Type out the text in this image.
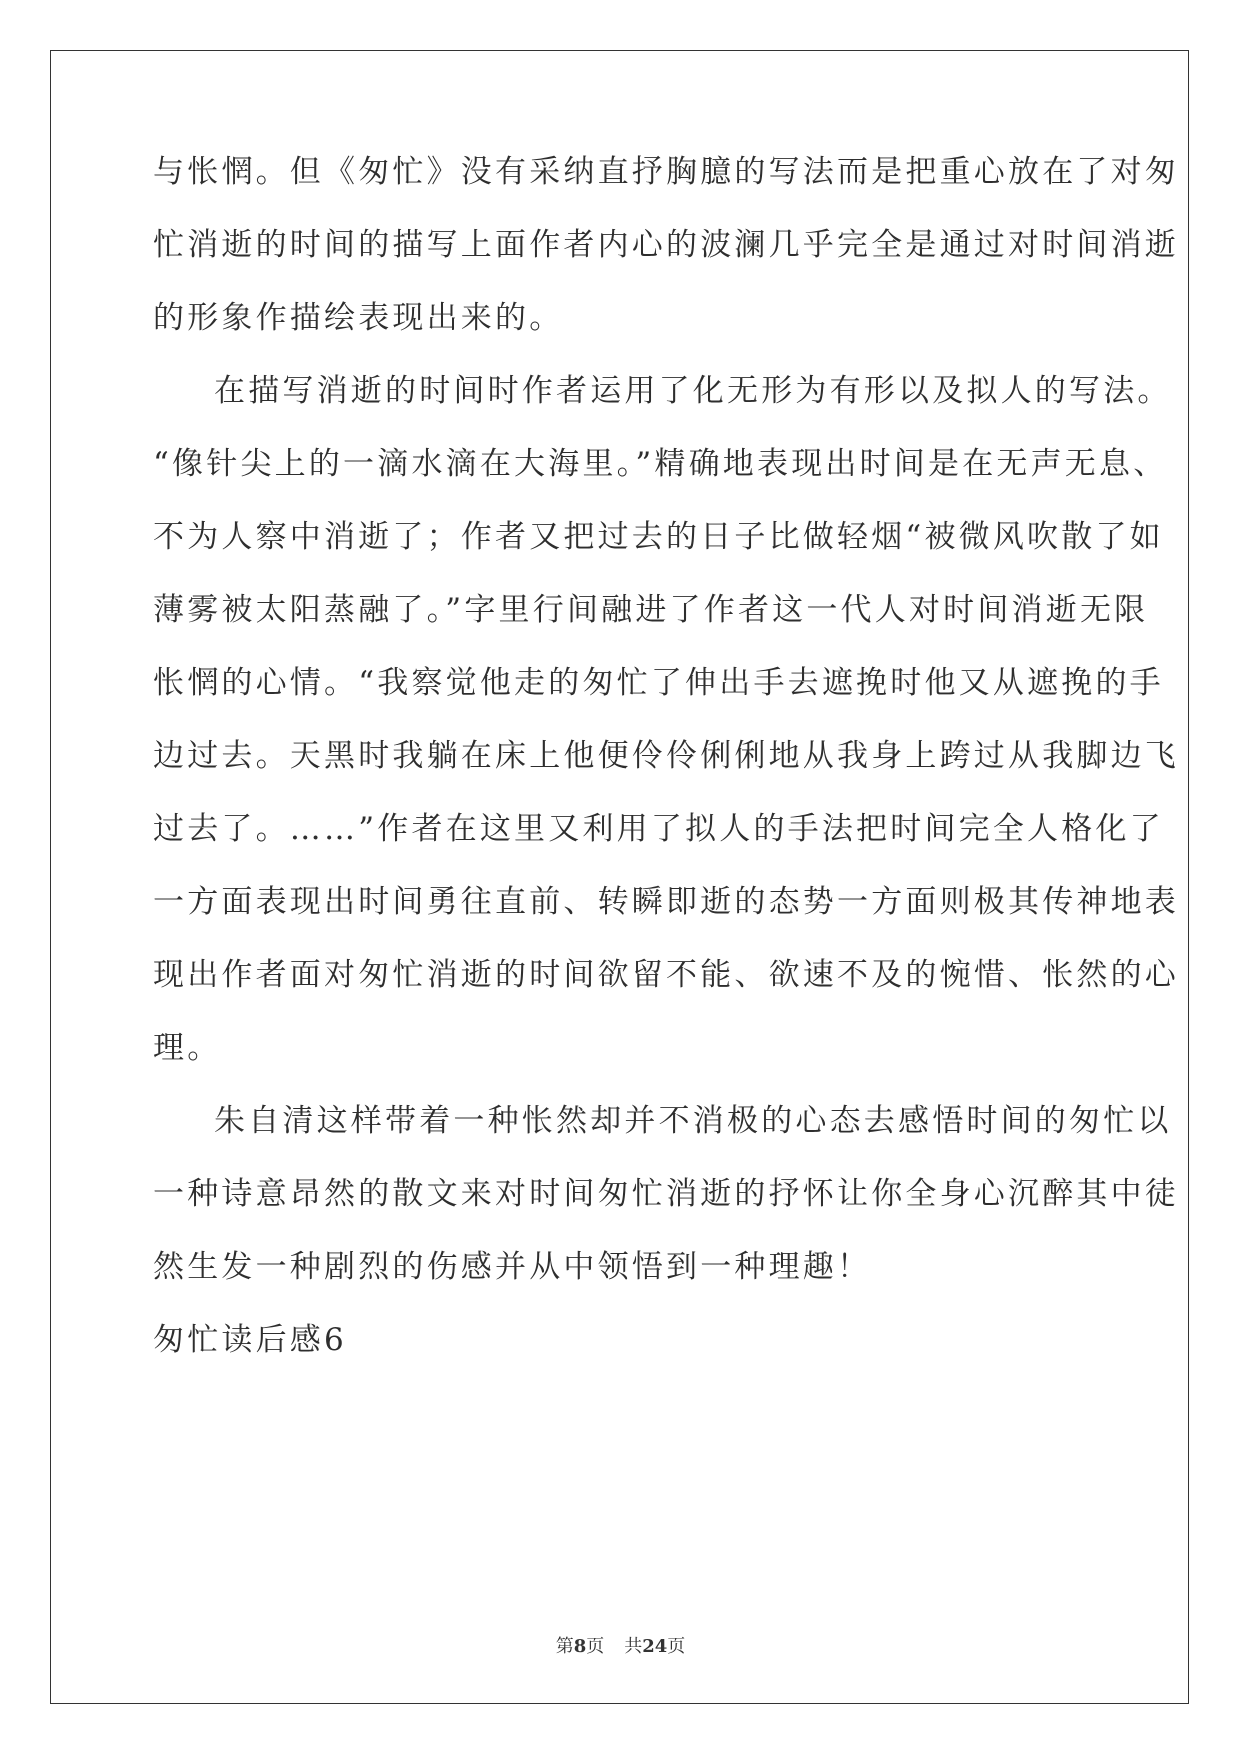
与怅惘。但《匆忙》没有采纳直抒胸臆的写法而是把重心放在了对匆
忙消逝的时间的描写上面作者内心的波澜几乎完全是通过对时间消逝
的形象作描绘表现出来的。
在描写消逝的时间时作者运用了化无形为有形以及拟人的写法。
“像针尖上的一滴水滴在大海里。”精确地表现出时间是在无声无息、
不为人察中消逝了；作者又把过去的日子比做轻烟“被微风吹散了如
薄雾被太阳蒸融了。”字里行间融进了作者这一代人对时间消逝无限
怅惘的心情。“我察觉他走的匆忙了伸出手去遮挽时他又从遮挽的手
边过去。天黑时我躺在床上他便伶伶俐俐地从我身上跨过从我脚边飞
过去了。……”作者在这里又利用了拟人的手法把时间完全人格化了
一方面表现出时间勇往直前、转瞬即逝的态势一方面则极其传神地表
现出作者面对匆忙消逝的时间欲留不能、欲速不及的惋惜、怅然的心
理。
朱自清这样带着一种怅然却并不消极的心态去感悟时间的匆忙以
一种诗意昂然的散文来对时间匆忙消逝的抒怀让你全身心沉醉其中徒
然生发一种剧烈的伤感并从中领悟到一种理趣！
匆忙读后感6
第8页 共24页
